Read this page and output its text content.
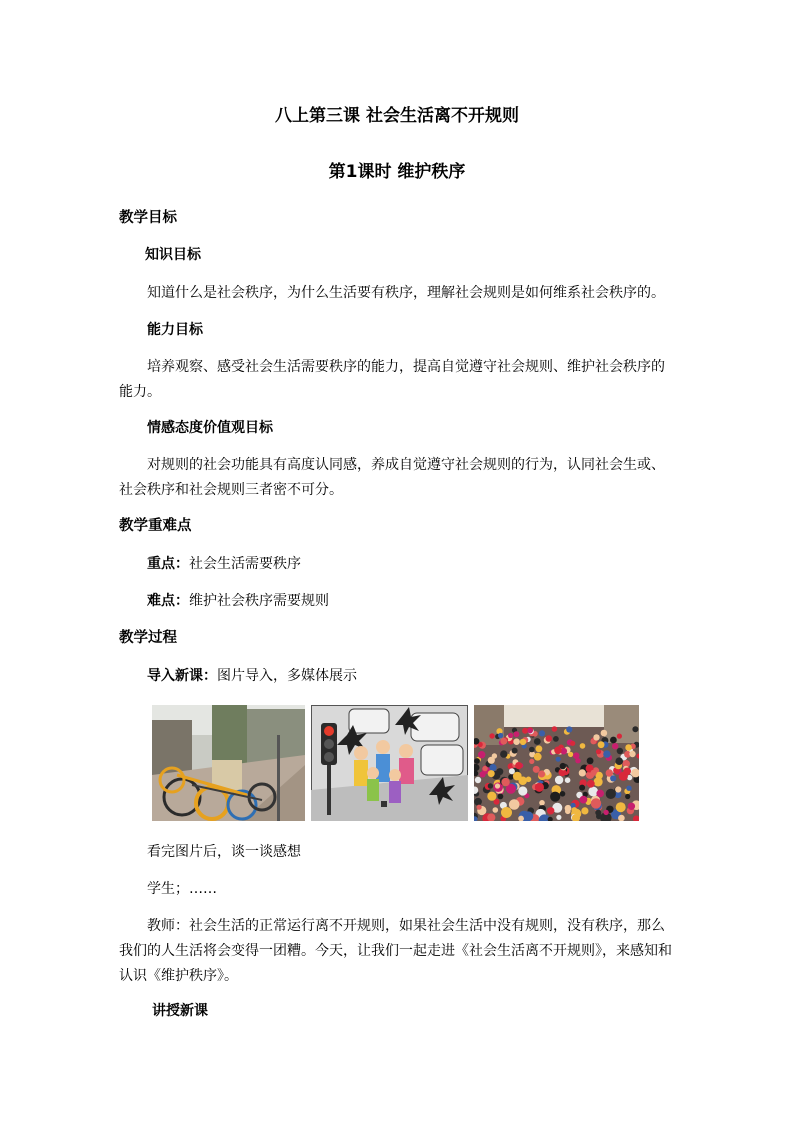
八上第三课 社会生活离不开规则
第1课时 维护秩序
教学目标
知识目标
知道什么是社会秩序，为什么生活要有秩序，理解社会规则是如何维系社会秩序的。
能力目标
培养观察、感受社会生活需要秩序的能力，提高自觉遵守社会规则、维护社会秩序的能力。
情感态度价值观目标
对规则的社会功能具有高度认同感，养成自觉遵守社会规则的行为，认同社会生或、社会秩序和社会规则三者密不可分。
教学重难点
重点：社会生活需要秩序
难点：维护社会秩序需要规则
教学过程
导入新课：图片导入，多媒体展示
看完图片后，谈一谈感想
学生；……
教师：社会生活的正常运行离不开规则，如果社会生活中没有规则，没有秩序，那么我们的人生活将会变得一团糟。今天，让我们一起走进《社会生活离不开规则》，来感知和认识《维护秩序》。
讲授新课
